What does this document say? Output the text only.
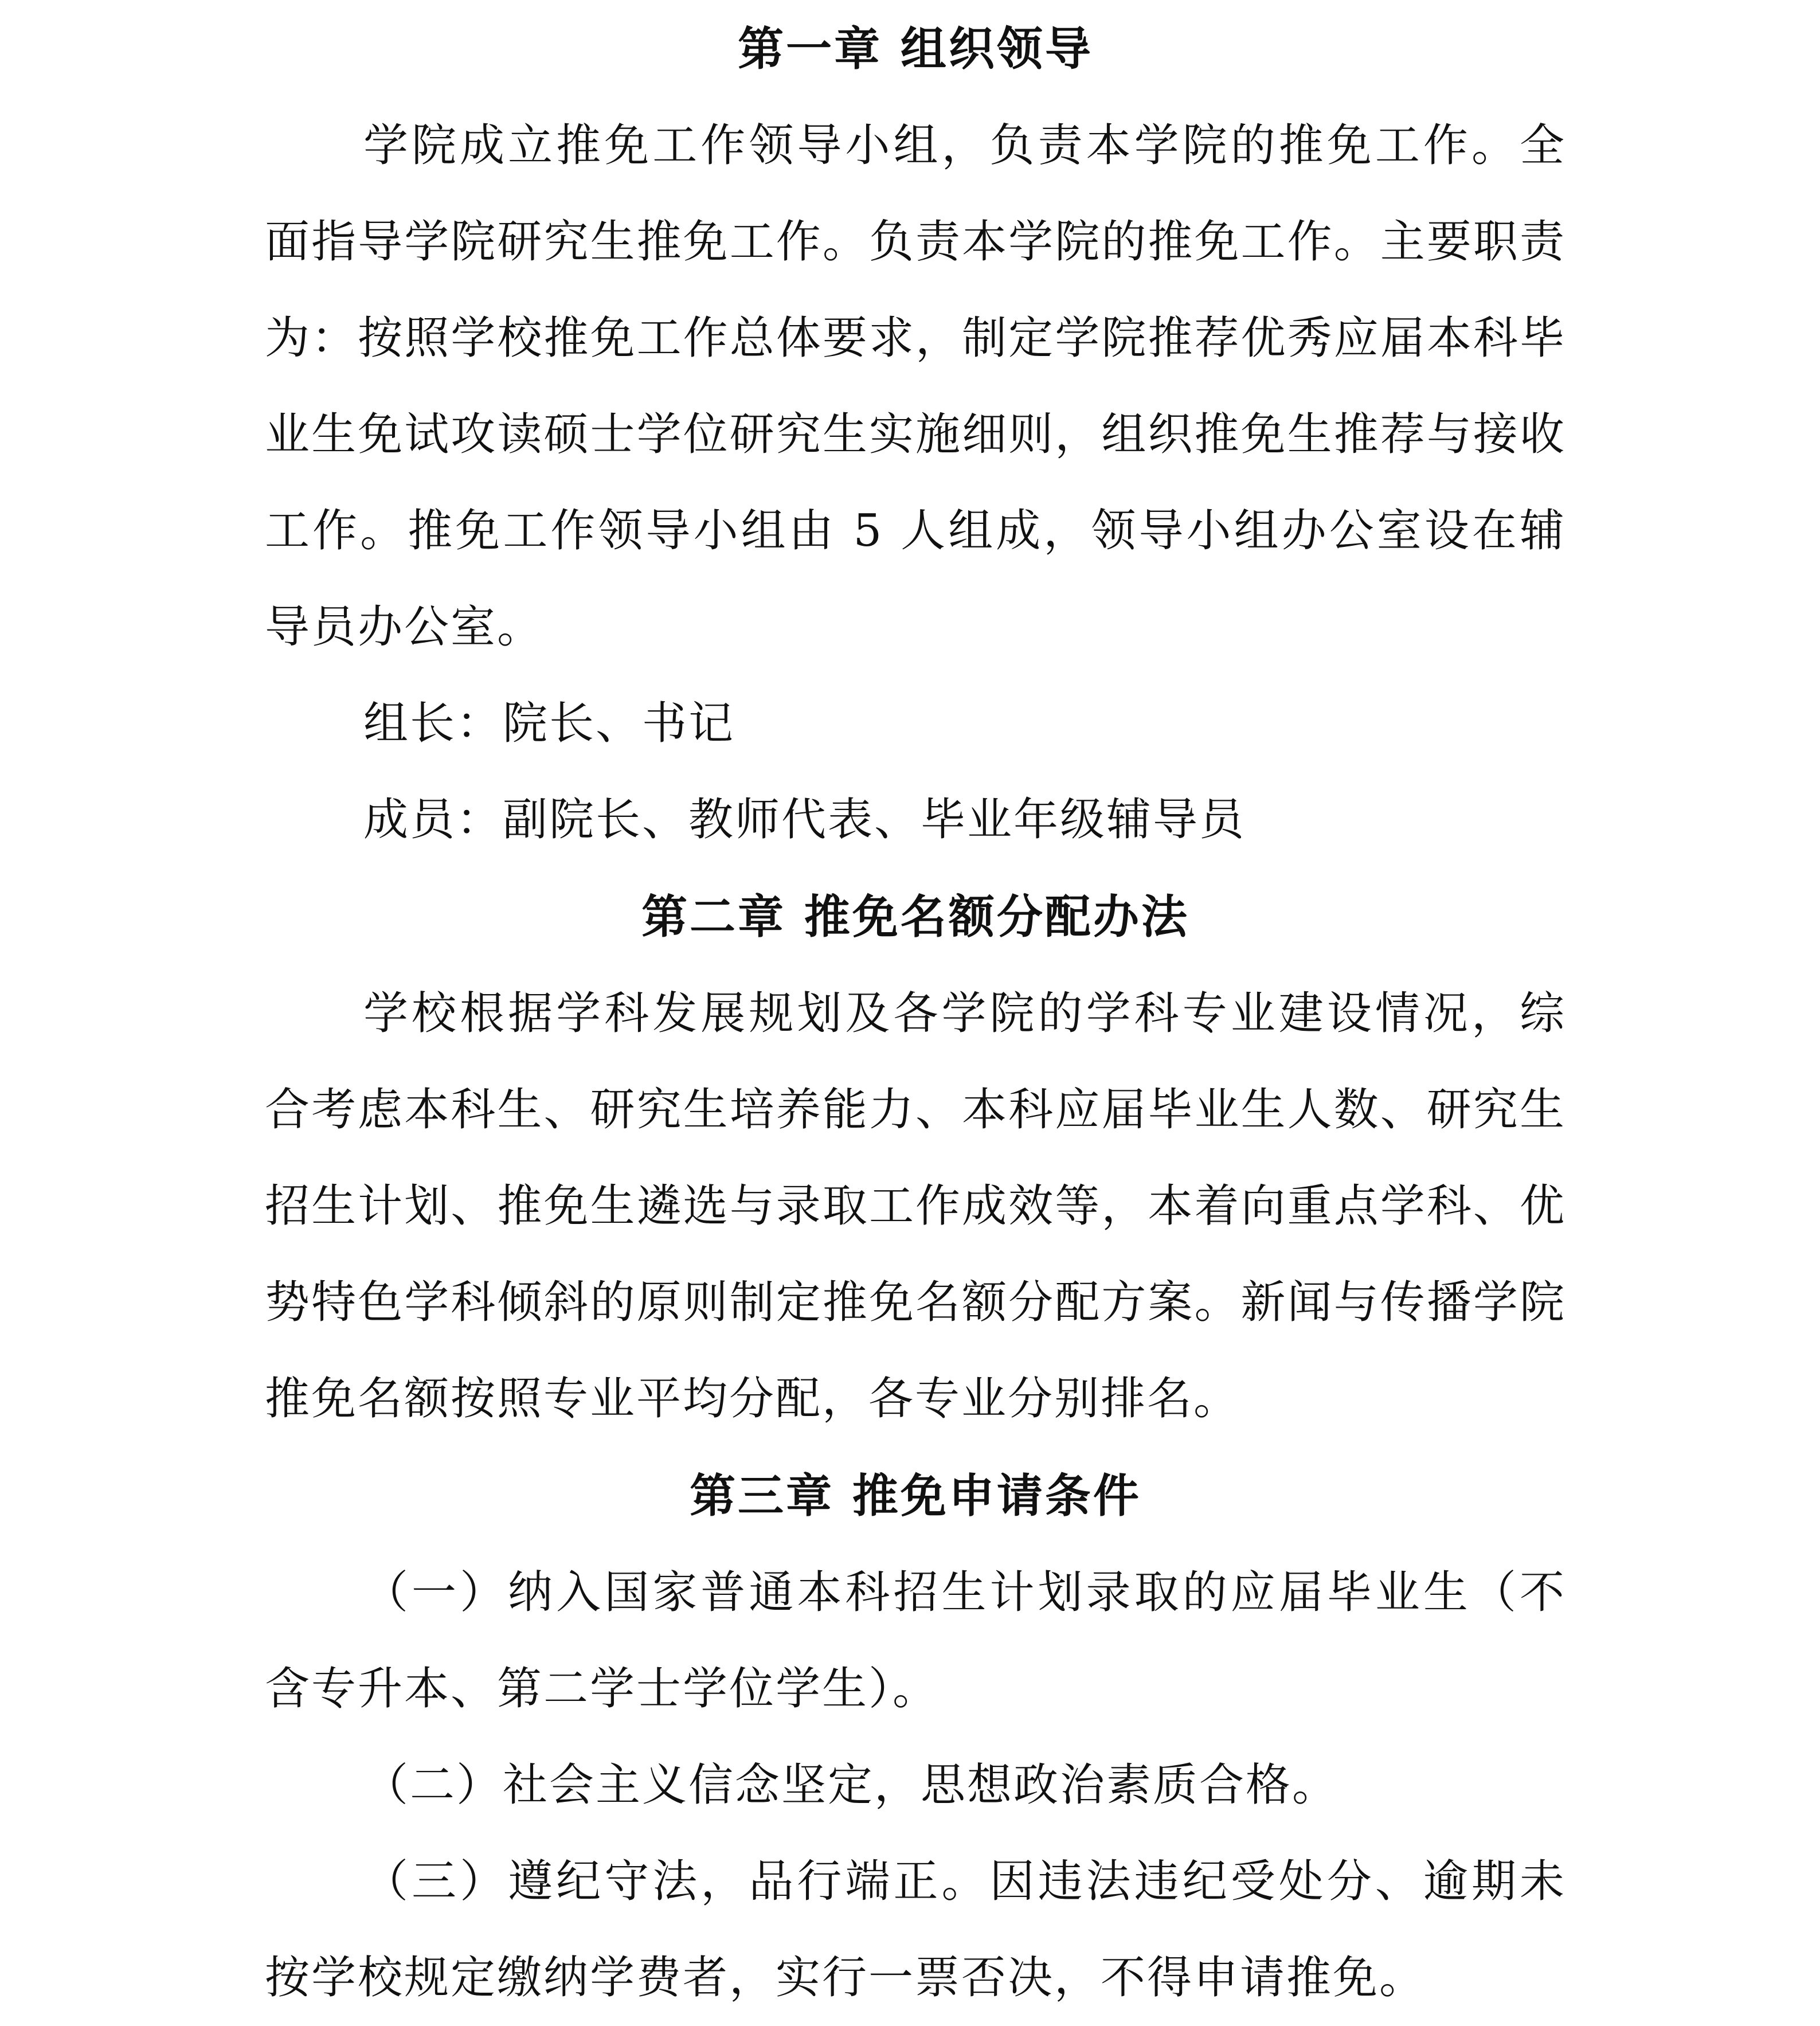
第一章 组织领导

学院成立推免工作领导小组，负责本学院的推免工作。全面指导学院研究生推免工作。负责本学院的推免工作。主要职责为：按照学校推免工作总体要求，制定学院推荐优秀应届本科毕业生免试攻读硕士学位研究生实施细则，组织推免生推荐与接收工作。推免工作领导小组由 5 人组成，领导小组办公室设在辅导员办公室。

组长：院长、书记

成员：副院长、教师代表、毕业年级辅导员

第二章 推免名额分配办法

学校根据学科发展规划及各学院的学科专业建设情况，综合考虑本科生、研究生培养能力、本科应届毕业生人数、研究生招生计划、推免生遴选与录取工作成效等，本着向重点学科、优势特色学科倾斜的原则制定推免名额分配方案。新闻与传播学院推免名额按照专业平均分配，各专业分别排名。

第三章 推免申请条件

（一）纳入国家普通本科招生计划录取的应届毕业生（不含专升本、第二学士学位学生）。

（二）社会主义信念坚定，思想政治素质合格。

（三）遵纪守法，品行端正。因违法违纪受处分、逾期未按学校规定缴纳学费者，实行一票否决，不得申请推免。
